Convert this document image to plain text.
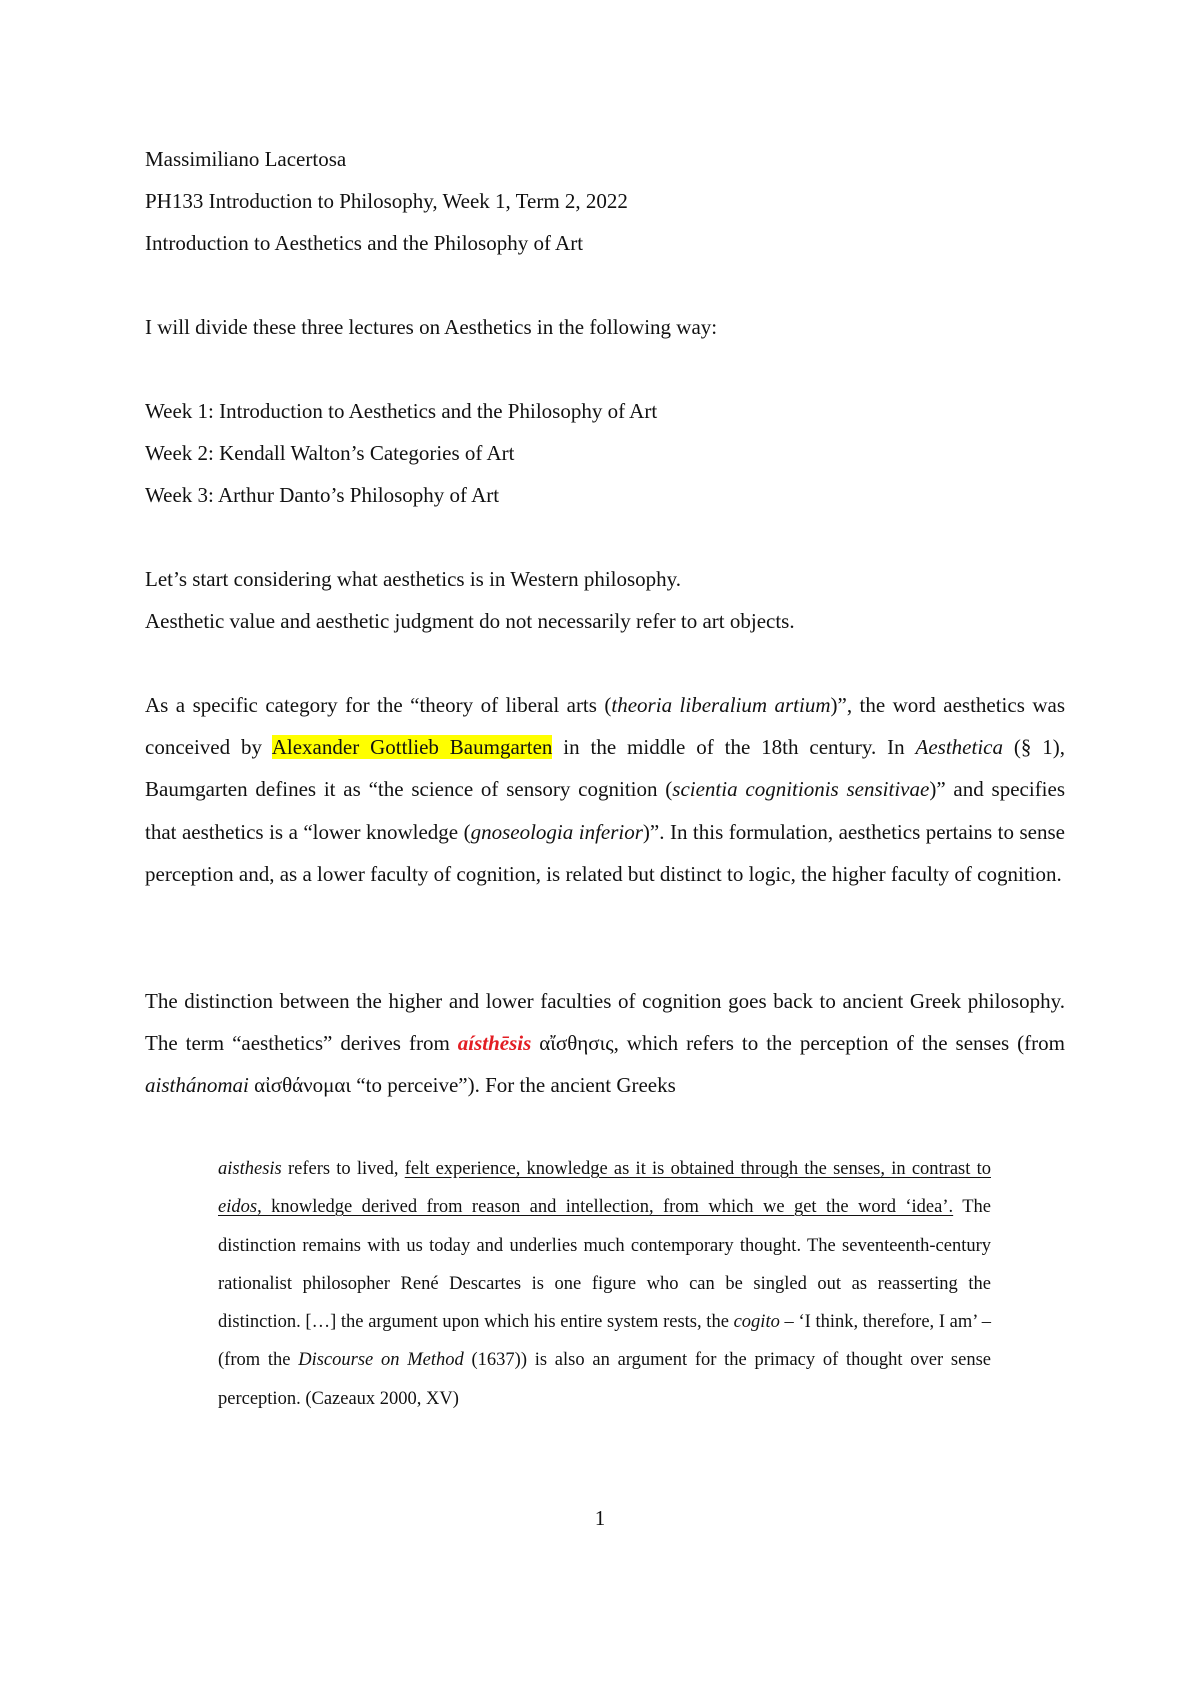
Massimiliano Lacertosa
PH133 Introduction to Philosophy, Week 1, Term 2, 2022
Introduction to Aesthetics and the Philosophy of Art
I will divide these three lectures on Aesthetics in the following way:
Week 1: Introduction to Aesthetics and the Philosophy of Art
Week 2: Kendall Walton’s Categories of Art
Week 3: Arthur Danto’s Philosophy of Art
Let’s start considering what aesthetics is in Western philosophy.
Aesthetic value and aesthetic judgment do not necessarily refer to art objects.
As a specific category for the “theory of liberal arts (theoria liberalium artium)”, the word aesthetics was conceived by Alexander Gottlieb Baumgarten in the middle of the 18th century. In Aesthetica (§ 1), Baumgarten defines it as “the science of sensory cognition (scientia cognitionis sensitivae)” and specifies that aesthetics is a “lower knowledge (gnoseologia inferior)”. In this formulation, aesthetics pertains to sense perception and, as a lower faculty of cognition, is related but distinct to logic, the higher faculty of cognition.
The distinction between the higher and lower faculties of cognition goes back to ancient Greek philosophy. The term “aesthetics” derives from aísthēsis αἴσθησις, which refers to the perception of the senses (from aisthánomai αἰσθάνομαι “to perceive”). For the ancient Greeks
aisthesis refers to lived, felt experience, knowledge as it is obtained through the senses, in contrast to eidos, knowledge derived from reason and intellection, from which we get the word ‘idea’. The distinction remains with us today and underlies much contemporary thought. The seventeenth-century rationalist philosopher René Descartes is one figure who can be singled out as reasserting the distinction. […] the argument upon which his entire system rests, the cogito – ‘I think, therefore, I am’ – (from the Discourse on Method (1637)) is also an argument for the primacy of thought over sense perception. (Cazeaux 2000, XV)
1
